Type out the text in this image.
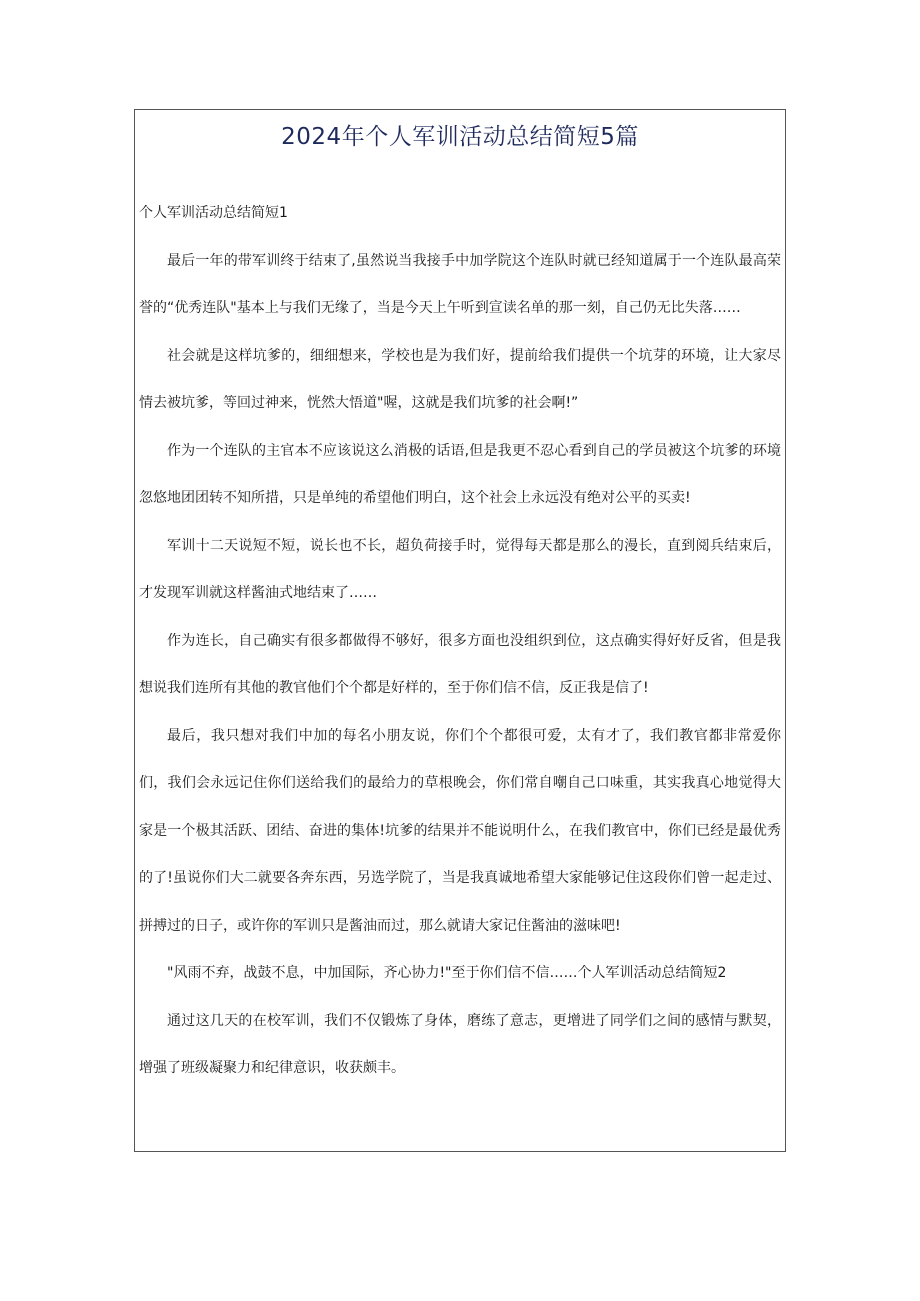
2024年个人军训活动总结简短5篇

个人军训活动总结简短1

最后一年的带军训终于结束了,虽然说当我接手中加学院这个连队时就已经知道属于一个连队最高荣誉的“优秀连队"基本上与我们无缘了，当是今天上午听到宣读名单的那一刻，自己仍无比失落……

社会就是这样坑爹的，细细想来，学校也是为我们好，提前给我们提供一个坑芽的环境，让大家尽情去被坑爹，等回过神来，恍然大悟道"喔，这就是我们坑爹的社会啊!”

作为一个连队的主官本不应该说这么消极的话语,但是我更不忍心看到自己的学员被这个坑爹的环境忽悠地团团转不知所措，只是单纯的希望他们明白，这个社会上永远没有绝对公平的买卖!

军训十二天说短不短，说长也不长，超负荷接手时，觉得每天都是那么的漫长，直到阅兵结束后，才发现军训就这样酱油式地结束了……

作为连长，自己确实有很多都做得不够好，很多方面也没组织到位，这点确实得好好反省，但是我想说我们连所有其他的教官他们个个都是好样的，至于你们信不信，反正我是信了!

最后，我只想对我们中加的每名小朋友说，你们个个都很可爱，太有才了，我们教官都非常爱你们，我们会永远记住你们送给我们的最给力的草根晚会，你们常自嘲自己口味重，其实我真心地觉得大家是一个极其活跃、团结、奋进的集体!坑爹的结果并不能说明什么，在我们教官中，你们已经是最优秀的了!虽说你们大二就要各奔东西，另选学院了，当是我真诚地希望大家能够记住这段你们曾一起走过、拼搏过的日子，或许你的军训只是酱油而过，那么就请大家记住酱油的滋味吧!

"风雨不弃，战鼓不息，中加国际，齐心协力!"至于你们信不信……个人军训活动总结简短2

通过这几天的在校军训，我们不仅锻炼了身体，磨练了意志，更增进了同学们之间的感情与默契，增强了班级凝聚力和纪律意识，收获颇丰。
